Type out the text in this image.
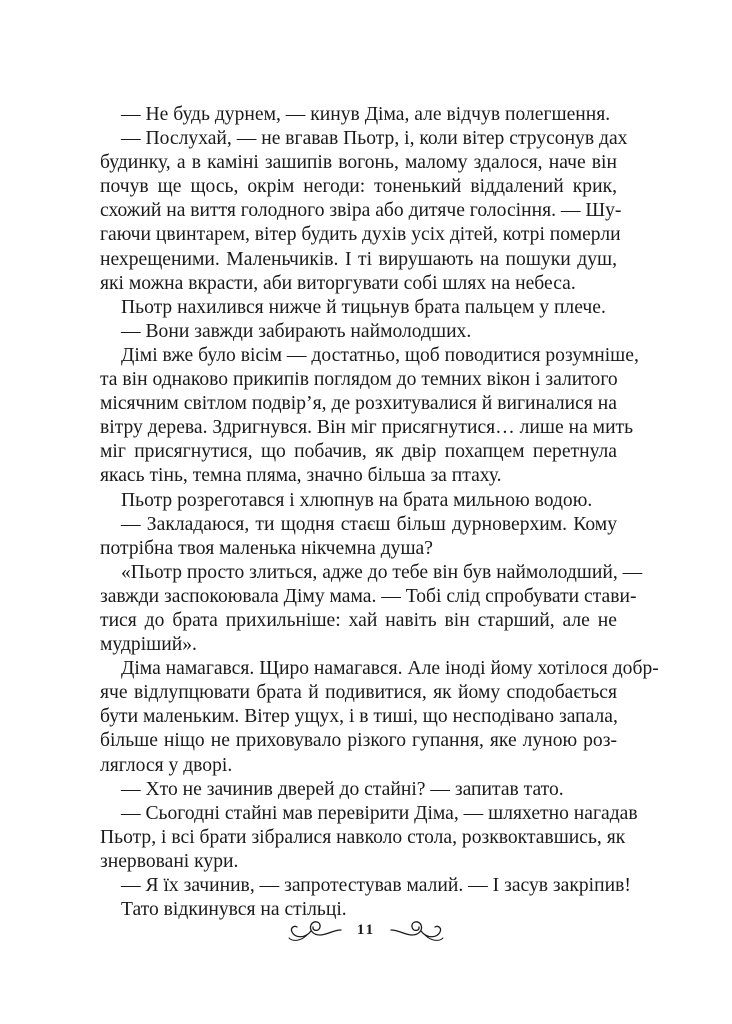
— Не будь дурнем, — кинув Діма, але відчув полегшення.
— Послухай, — не вгавав Пьотр, і, коли вітер струсонув дах
будинку, а в каміні зашипів вогонь, малому здалося, наче він
почув ще щось, окрім негоди: тоненький віддалений крик,
схожий на виття голодного звіра або дитяче голосіння. — Шу-
гаючи цвинтарем, вітер будить духів усіх дітей, котрі померли
нехрещеними. Маленьчиків. І ті вирушають на пошуки душ,
які можна вкрасти, аби виторгувати собі шлях на небеса.
Пьотр нахилився нижче й тицьнув брата пальцем у плече.
— Вони завжди забирають наймолодших.
Дімі вже було вісім — достатньо, щоб поводитися розумніше,
та він однаково прикипів поглядом до темних вікон і залитого
місячним світлом подвір’я, де розхитувалися й вигиналися на
вітру дерева. Здригнувся. Він міг присягнутися… лише на мить
міг присягнутися, що побачив, як двір похапцем перетнула
якась тінь, темна пляма, значно більша за птаху.
Пьотр розреготався і хлюпнув на брата мильною водою.
— Закладаюся, ти щодня стаєш більш дурноверхим. Кому
потрібна твоя маленька нікчемна душа?
«Пьотр просто злиться, адже до тебе він був наймолодший, —
завжди заспокоювала Діму мама. — Тобі слід спробувати стави-
тися до брата прихильніше: хай навіть він старший, але не
мудріший».
Діма намагався. Щиро намагався. Але іноді йому хотілося добр-
яче відлупцювати брата й подивитися, як йому сподобається
бути маленьким. Вітер ущух, і в тиші, що несподівано запала,
більше ніщо не приховувало різкого гупання, яке луною роз-
ляглося у дворі.
— Хто не зачинив дверей до стайні? — запитав тато.
— Сьогодні стайні мав перевірити Діма, — шляхетно нагадав
Пьотр, і всі брати зібралися навколо стола, розквоктавшись, як
знервовані кури.
— Я їх зачинив, — запротестував малий. — І засув закріпив!
Тато відкинувся на стільці.
11
